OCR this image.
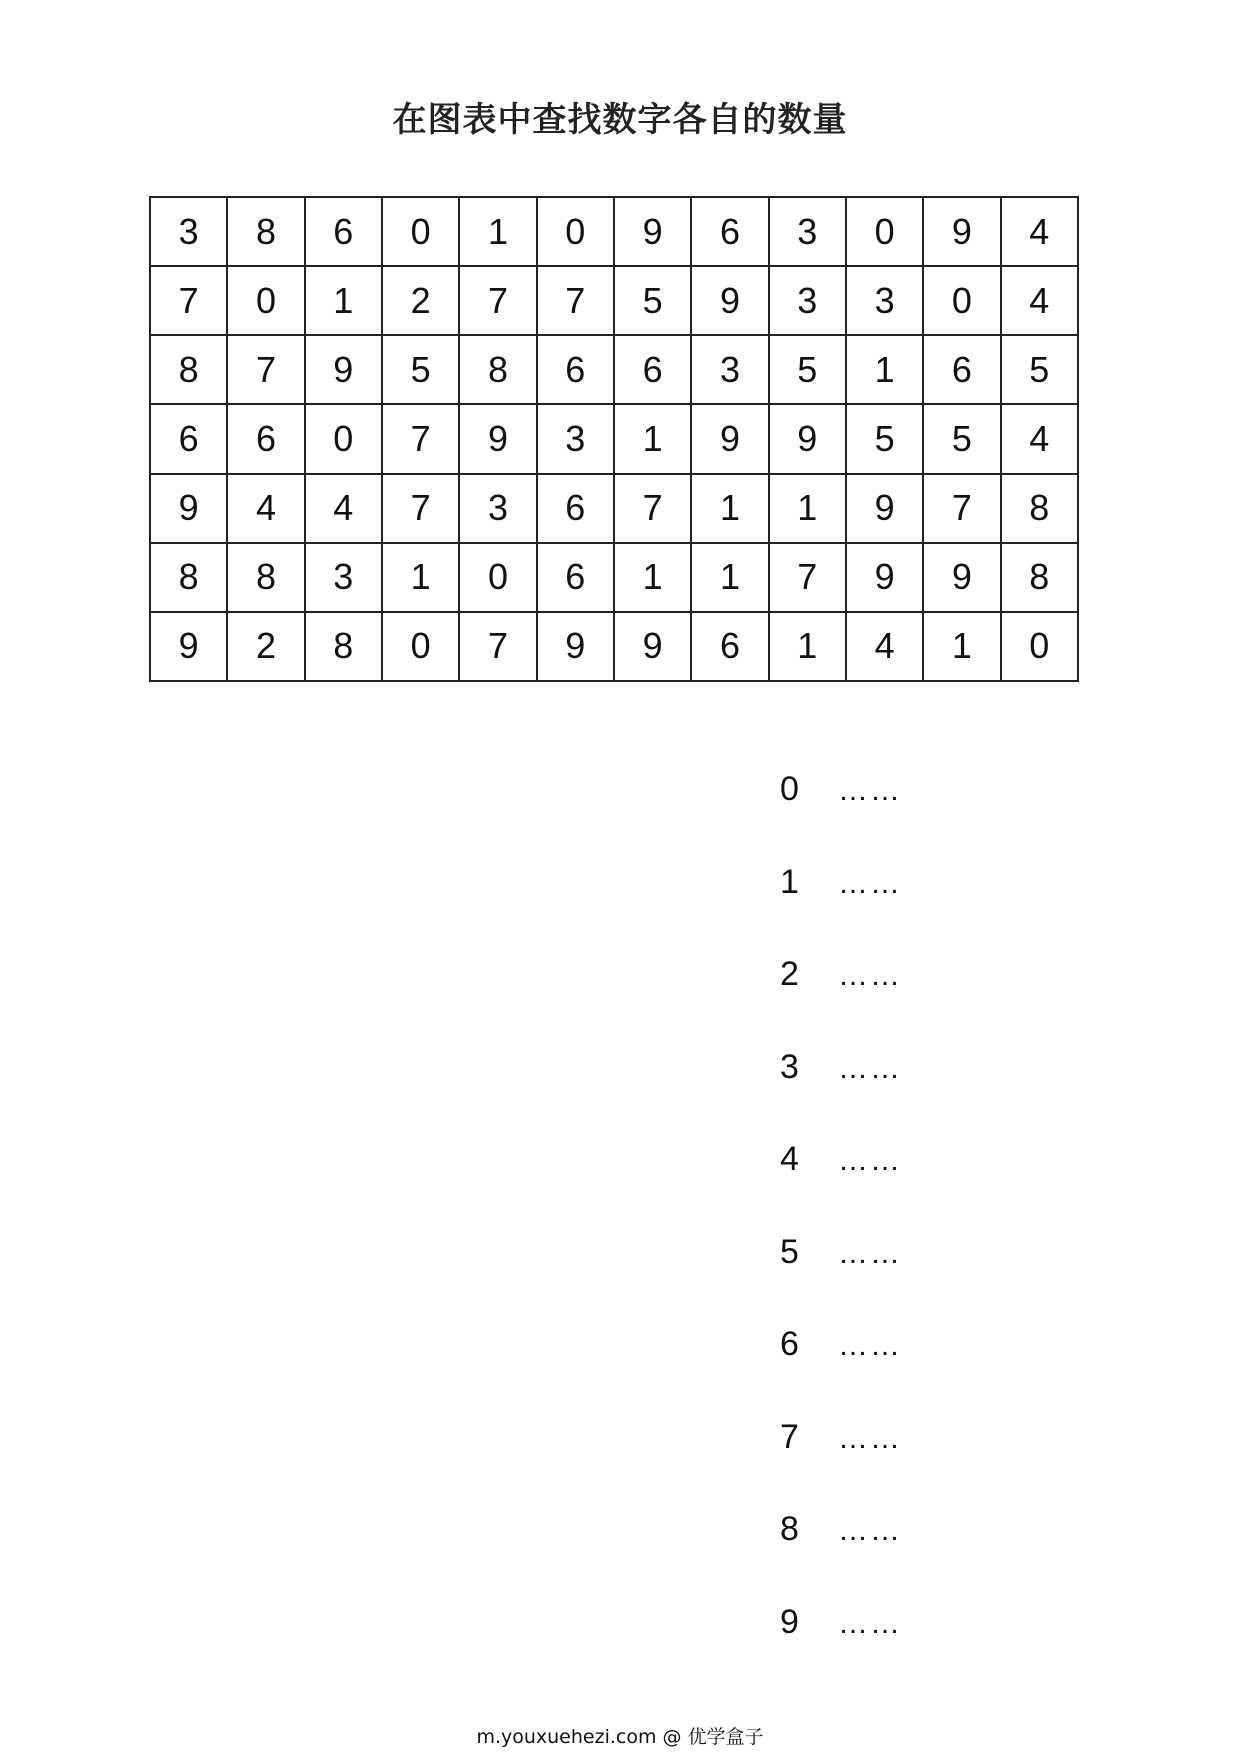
在图表中查找数字各自的数量
3	8	6	0	1	0	9	6	3	0	9	4
7	0	1	2	7	7	5	9	3	3	0	4
8	7	9	5	8	6	6	3	5	1	6	5
6	6	0	7	9	3	1	9	9	5	5	4
9	4	4	7	3	6	7	1	1	9	7	8
8	8	3	1	0	6	1	1	7	9	9	8
9	2	8	0	7	9	9	6	1	4	1	0
0	……
1	……
2	……
3	……
4	……
5	……
6	……
7	……
8	……
9	……
m.youxuehezi.com @ 优学盒子
